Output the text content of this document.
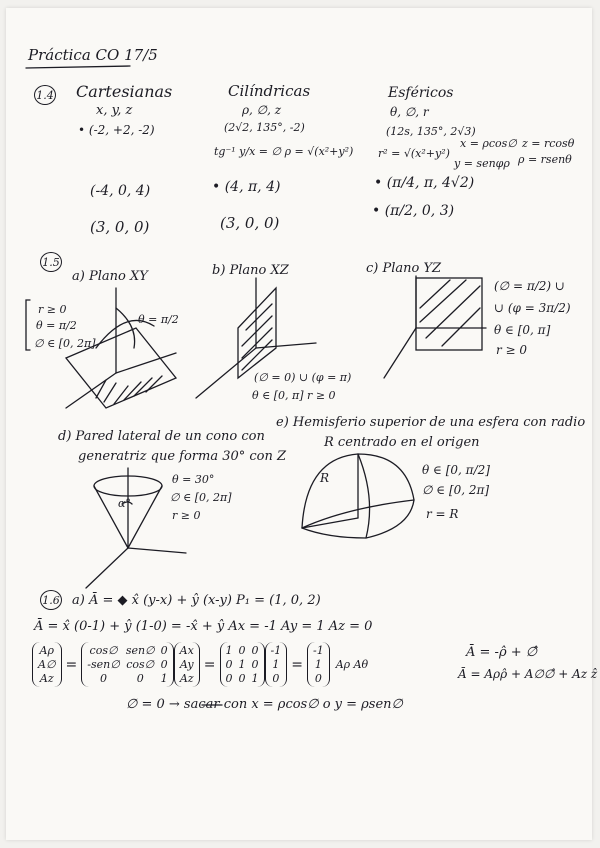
Práctica CO 17/5
1.4 Cartesianas
x, y, z
• (-2, +2, -2)
(-4, 0, 4)
(3, 0, 0)
Cilíndricas
ρ, ∅, z
(2√2, 135°, -2)
tg⁻¹ y/x = ∅ ρ = √(x²+y²)
• (4, π, 4)
(3, 0, 0)
Esféricos
θ, ∅, r
(12s, 135°, 2√3)
r² = √(x²+y²)
x = ρcos∅
y = senφρ
z = rcosθ
ρ = rsenθ
• (π/4, π, 4√2)
• (π/2, 0, 3)
1.5
a) Plano XY
r ≥ 0
θ = π/2
∅ ∈ [0, 2π]
θ = π/2
b) Plano XZ
(∅ = 0) ∪ (φ = π)
θ ∈ [0, π] r ≥ 0
c) Plano YZ
(∅ = π/2) ∪
∪ (φ = 3π/2)
θ ∈ [0, π]
r ≥ 0
d) Pared lateral de un cono con
generatriz que forma 30° con Z
θ = 30°
∅ ∈ [0, 2π]
r ≥ 0
α°
e) Hemisferio superior de una esfera con radio
R centrado en el origen
θ ∈ [0, π/2]
∅ ∈ [0, 2π]
r = R
R
1.6 a) Ā = ◆ x̂ (y-x) + ŷ (x-y) P₁ = (1, 0, 2)
Ā = x̂ (0-1) + ŷ (1-0) = -x̂ + ŷ Ax = -1 Ay = 1 Az = 0
Aρ
A∅
Az
=
cos∅ sen∅ 0
-sen∅ cos∅ 0
0	0	1
Ax
Ay
Az
=
1 0 0
0 1 0
0 0 1
-1
1
0
=
-1
1
0
Aρ Aθ
Ā = -ρ̂ + ∅̂
Ā = Aρρ̂ + A∅∅̂ + Az ẑ
∅ = 0 → sacar con x = ρcos∅ o y = ρsen∅
